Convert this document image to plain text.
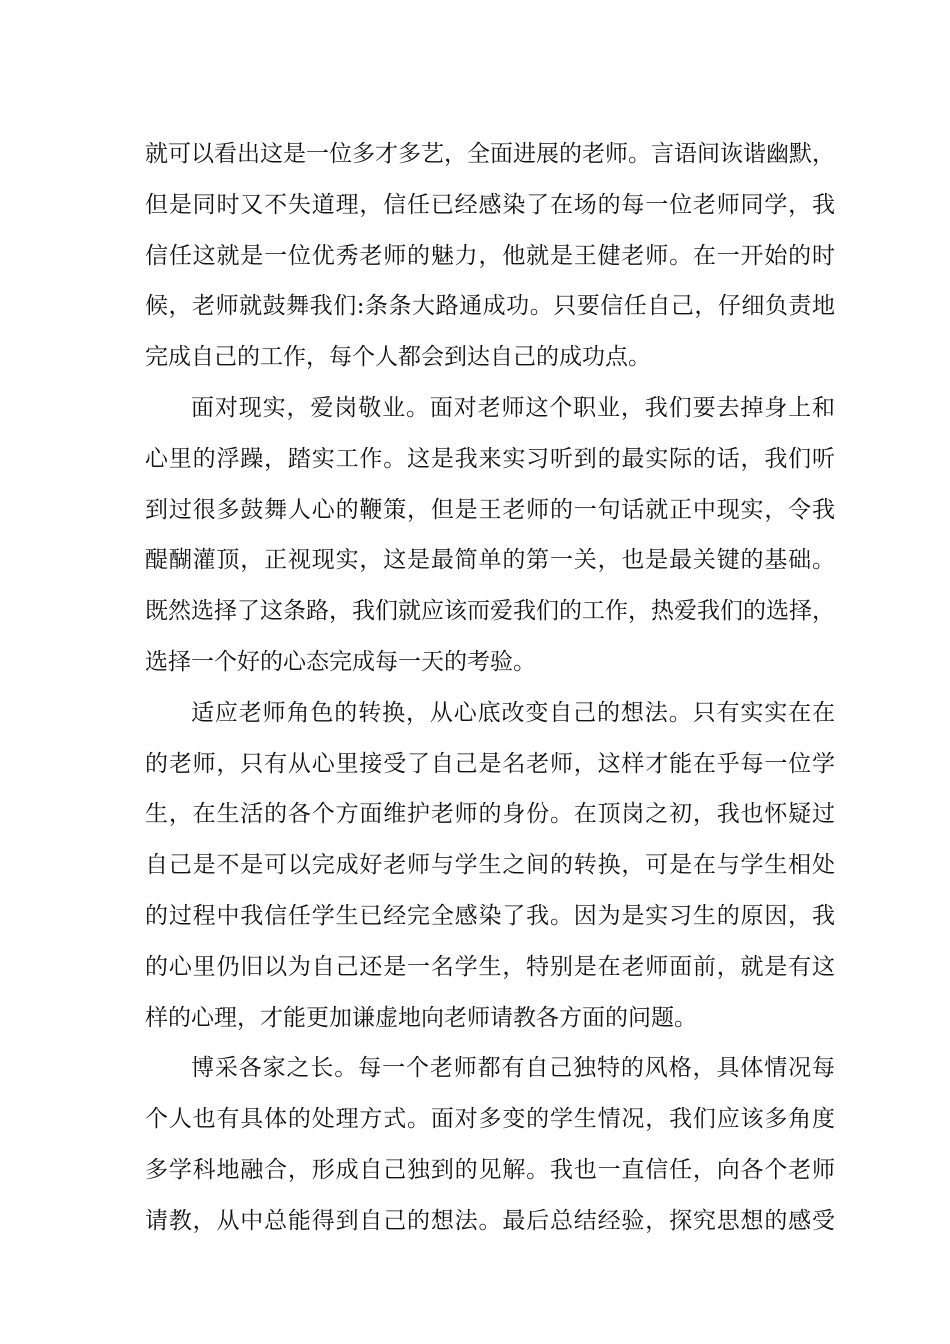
就可以看出这是一位多才多艺，全面进展的老师。言语间诙谐幽默，
但是同时又不失道理，信任已经感染了在场的每一位老师同学，我
信任这就是一位优秀老师的魅力，他就是王健老师。在一开始的时
候，老师就鼓舞我们:条条大路通成功。只要信任自己，仔细负责地
完成自己的工作，每个人都会到达自己的成功点。
面对现实，爱岗敬业。面对老师这个职业，我们要去掉身上和
心里的浮躁，踏实工作。这是我来实习听到的最实际的话，我们听
到过很多鼓舞人心的鞭策，但是王老师的一句话就正中现实，令我
醍醐灌顶，正视现实，这是最简单的第一关，也是最关键的基础。
既然选择了这条路，我们就应该而爱我们的工作，热爱我们的选择，
选择一个好的心态完成每一天的考验。
适应老师角色的转换，从心底改变自己的想法。只有实实在在
的老师，只有从心里接受了自己是名老师，这样才能在乎每一位学
生，在生活的各个方面维护老师的身份。在顶岗之初，我也怀疑过
自己是不是可以完成好老师与学生之间的转换，可是在与学生相处
的过程中我信任学生已经完全感染了我。因为是实习生的原因，我
的心里仍旧以为自己还是一名学生，特别是在老师面前，就是有这
样的心理，才能更加谦虚地向老师请教各方面的问题。
博采各家之长。每一个老师都有自己独特的风格，具体情况每
个人也有具体的处理方式。面对多变的学生情况，我们应该多角度
多学科地融合，形成自己独到的见解。我也一直信任，向各个老师
请教，从中总能得到自己的想法。最后总结经验，探究思想的感受
